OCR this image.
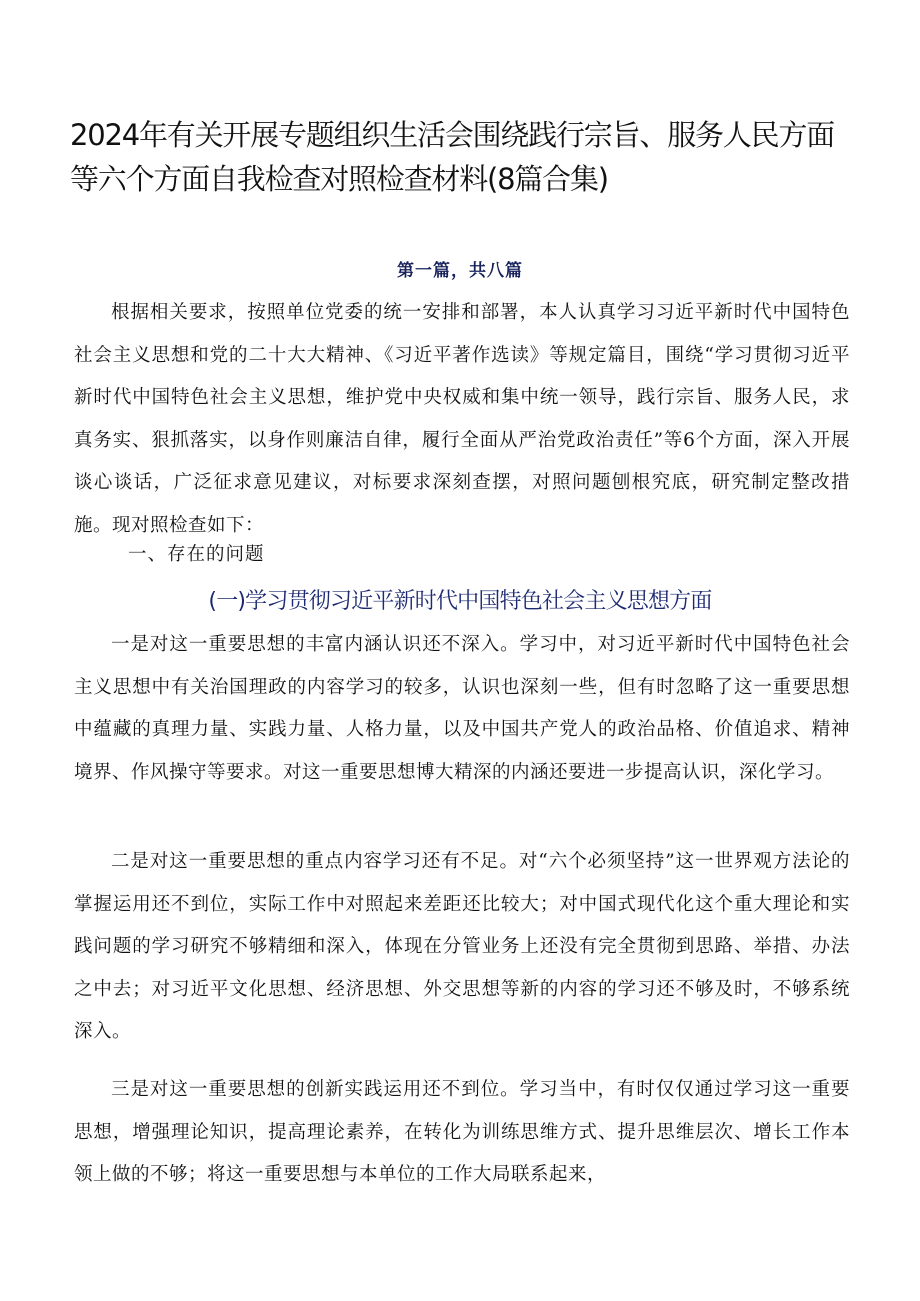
2024年有关开展专题组织生活会围绕践行宗旨、服务人民方面等六个方面自我检查对照检查材料(8篇合集)
第一篇，共八篇

根据相关要求，按照单位党委的统一安排和部署，本人认真学习习近平新时代中国特色社会主义思想和党的二十大大精神、《习近平著作选读》等规定篇目，围绕“学习贯彻习近平新时代中国特色社会主义思想，维护党中央权威和集中统一领导，践行宗旨、服务人民，求真务实、狠抓落实，以身作则廉洁自律，履行全面从严治党政治责任”等6个方面，深入开展谈心谈话，广泛征求意见建议，对标要求深刻查摆，对照问题刨根究底，研究制定整改措施。现对照检查如下：

一、存在的问题
(一)学习贯彻习近平新时代中国特色社会主义思想方面

一是对这一重要思想的丰富内涵认识还不深入。学习中，对习近平新时代中国特色社会主义思想中有关治国理政的内容学习的较多，认识也深刻一些，但有时忽略了这一重要思想中蕴藏的真理力量、实践力量、人格力量，以及中国共产党人的政治品格、价值追求、精神境界、作风操守等要求。对这一重要思想博大精深的内涵还要进一步提高认识，深化学习。

二是对这一重要思想的重点内容学习还有不足。对“六个必须坚持”这一世界观方法论的掌握运用还不到位，实际工作中对照起来差距还比较大；对中国式现代化这个重大理论和实践问题的学习研究不够精细和深入，体现在分管业务上还没有完全贯彻到思路、举措、办法之中去；对习近平文化思想、经济思想、外交思想等新的内容的学习还不够及时，不够系统深入。

三是对这一重要思想的创新实践运用还不到位。学习当中，有时仅仅通过学习这一重要思想，增强理论知识，提高理论素养，在转化为训练思维方式、提升思维层次、增长工作本领上做的不够；将这一重要思想与本单位的工作大局联系起来，
